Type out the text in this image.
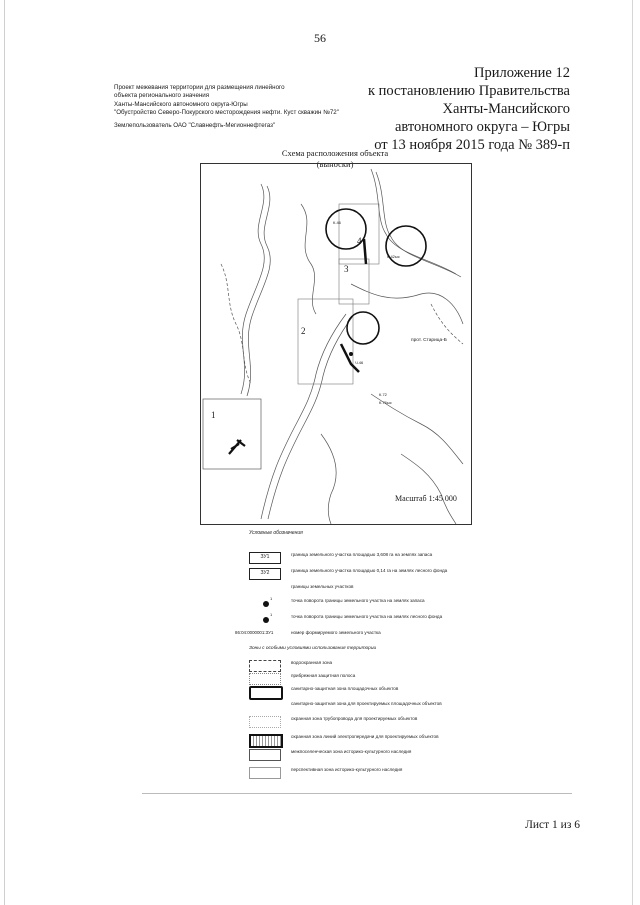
56
Приложение 12
к постановлению Правительства
Ханты-Мансийского
автономного округа – Югры
от 13 ноября 2015 года № 389-п
Проект межевания территории для размещения линейного
объекта регионального значения
Ханты-Мансийского автономного округа-Югры
"Обустройство Северо-Покурского месторождения нефти. Куст скважин №72"
Землепользователь ОАО "Славнефть-Мегионнефтегаз"
Схема расположения объекта
(выноски)
1
2
3
4
прот. Старица-Б
К.72
К.76ыс
К.46
К.42ыс
Ч.46
Масштаб 1:45 000
Условные обозначения
ЗУ1	граница земельного участка площадью 3,608 га на землях запаса
ЗУ2	граница земельного участка площадью 0,14 га на землях лесного фонда
границы земельных участков
1	точка поворота границы земельного участка на землях запаса
1	точка поворота границы земельного участка на землях лесного фонда
86:04:0000001:ЗУ1	номер формируемого земельного участка
Зоны с особыми условиями использования территории
водоохранная зона
прибрежная защитная полоса
санитарно-защитная зона площадочных объектов
санитарно-защитная зона для проектируемых площадочных объектов
охранная зона трубопровода для проектируемых объектов
охранная зона линий электропередачи для проектируемых объектов
межпоселенческая зона историко-культурного наследия
перспективная зона историко-культурного наследия
Лист 1 из 6
